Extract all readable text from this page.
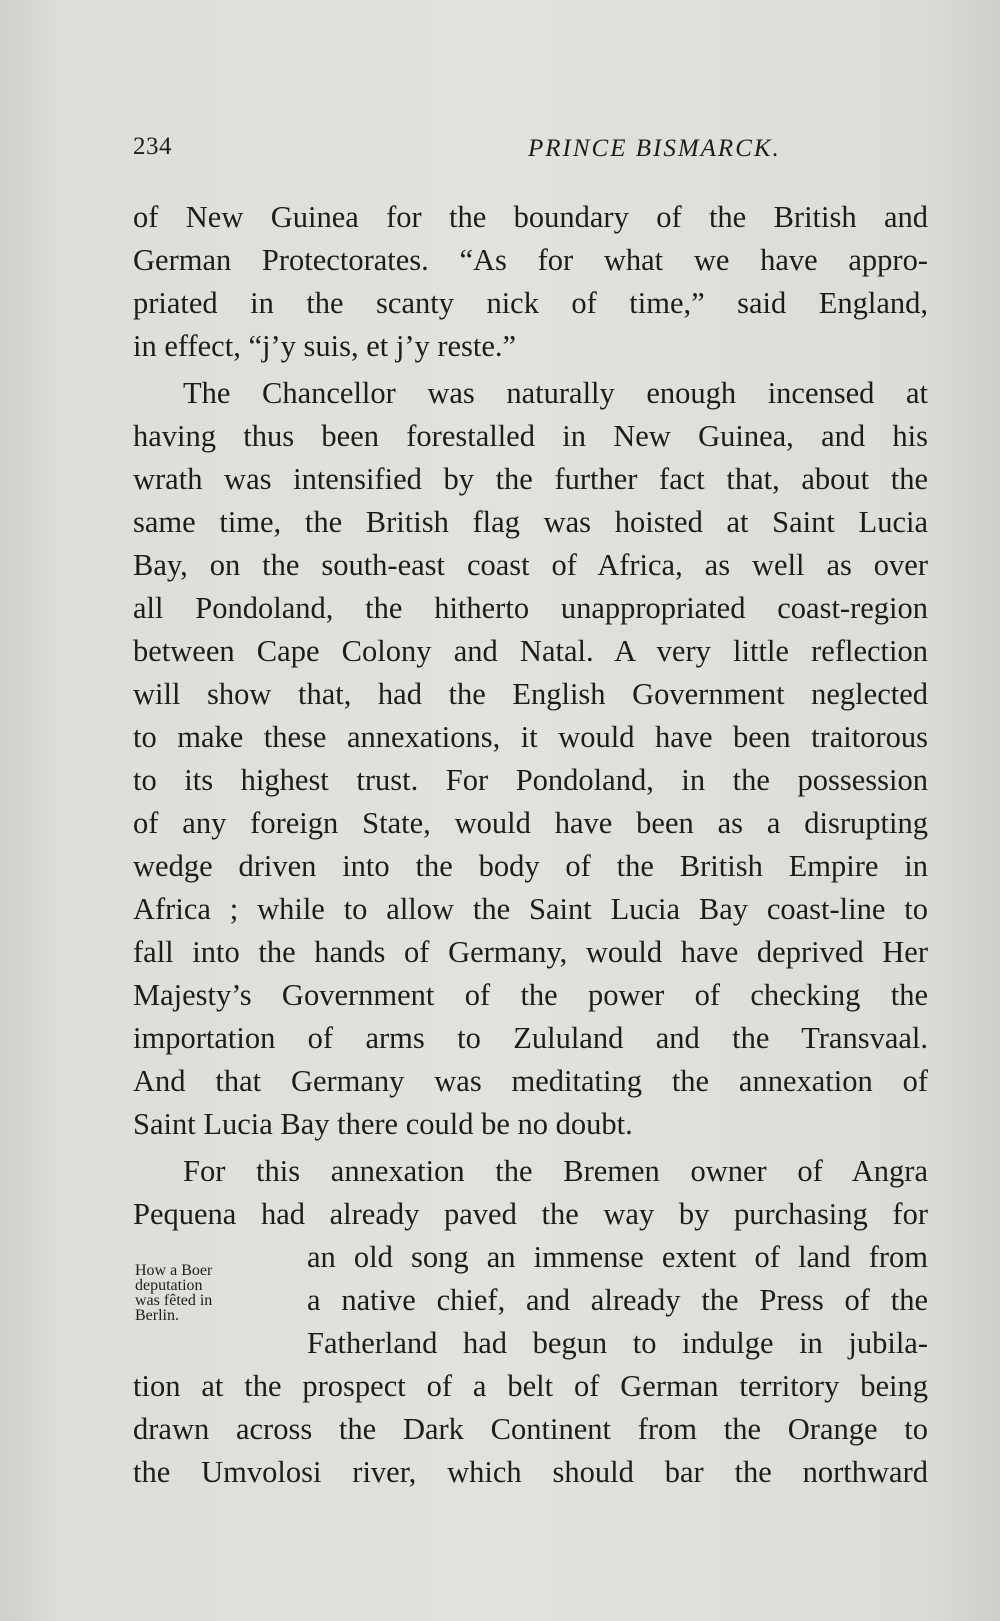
234	PRINCE BISMARCK.
of New Guinea for the boundary of the British and
German Protectorates. “As for what we have appro-
priated in the scanty nick of time,” said England,
in effect, “j’y suis, et j’y reste.”
The Chancellor was naturally enough incensed at
having thus been forestalled in New Guinea, and his
wrath was intensified by the further fact that, about the
same time, the British flag was hoisted at Saint Lucia
Bay, on the south-east coast of Africa, as well as over
all Pondoland, the hitherto unappropriated coast-region
between Cape Colony and Natal. A very little reflection
will show that, had the English Government neglected
to make these annexations, it would have been traitorous
to its highest trust. For Pondoland, in the possession
of any foreign State, would have been as a disrupting
wedge driven into the body of the British Empire in
Africa ; while to allow the Saint Lucia Bay coast-line to
fall into the hands of Germany, would have deprived Her
Majesty’s Government of the power of checking the
importation of arms to Zululand and the Transvaal.
And that Germany was meditating the annexation of
Saint Lucia Bay there could be no doubt.
For this annexation the Bremen owner of Angra
Pequena had already paved the way by purchasing for
an old song an immense extent of land from
a native chief, and already the Press of the
Fatherland had begun to indulge in jubila-
tion at the prospect of a belt of German territory being
drawn across the Dark Continent from the Orange to
the Umvolosi river, which should bar the northward
How a Boer
deputation
was fêted in
Berlin.
